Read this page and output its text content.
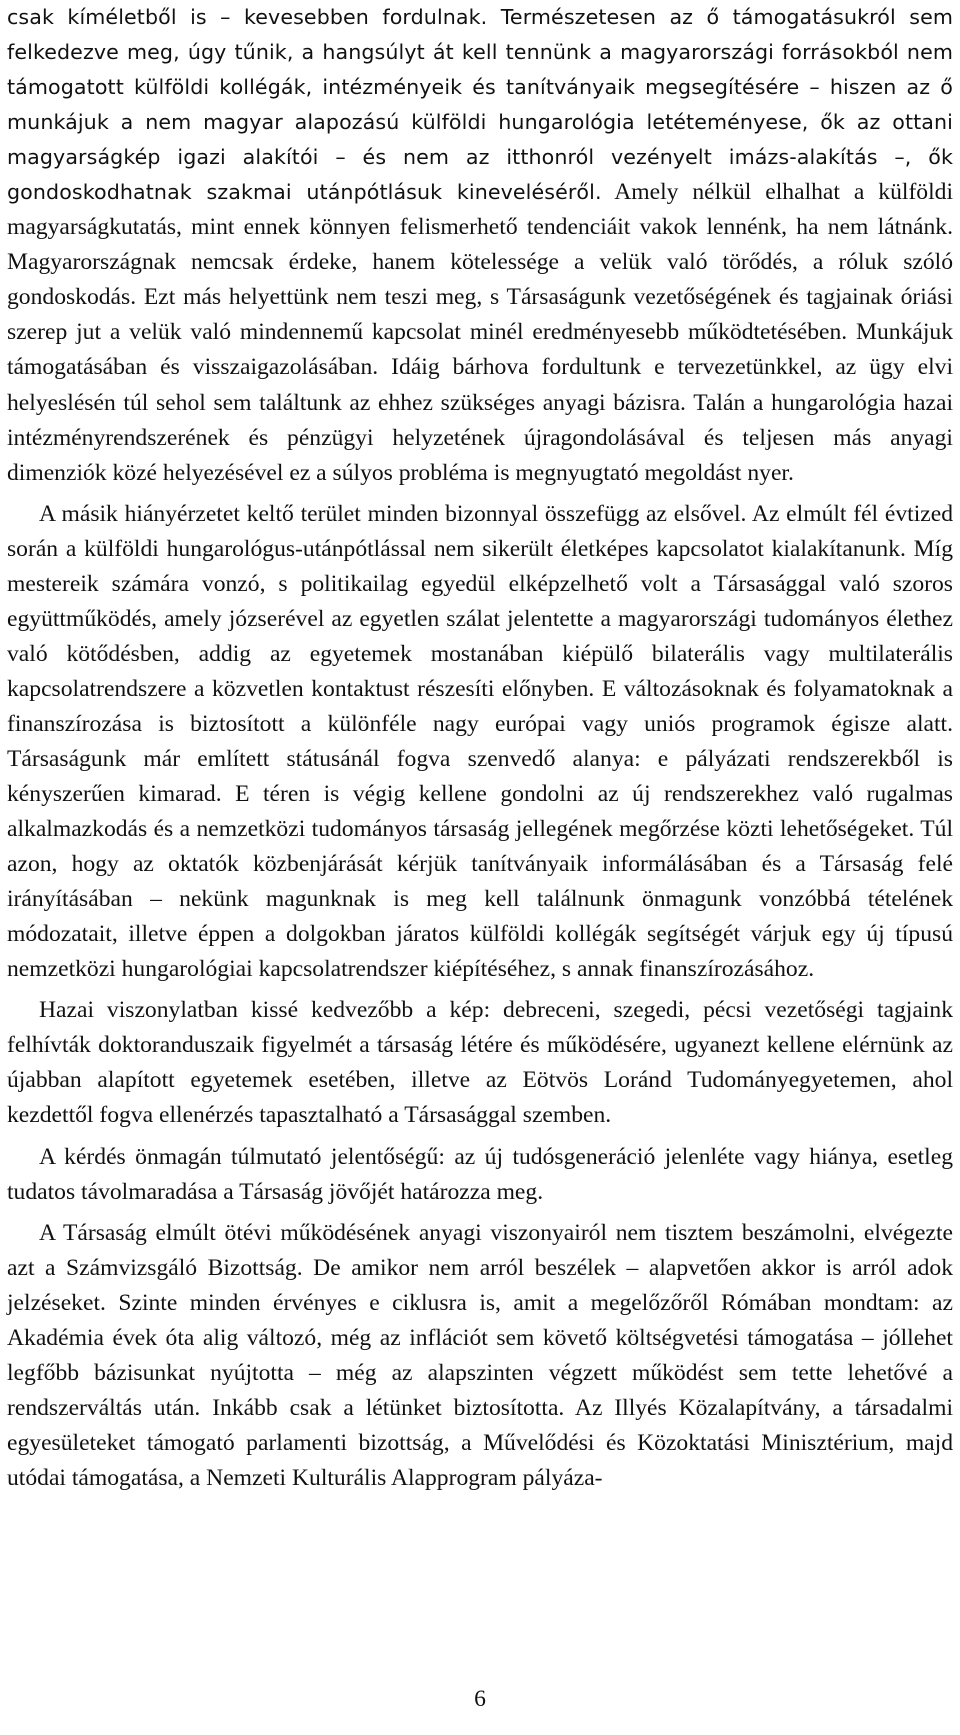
csak kíméletből is – kevesebben fordulnak. Természetesen az ő támogatásukról sem felkedezve meg, úgy tűnik, a hangsúlyt át kell tennünk a magyarországi forrásokból nem támogatott külföldi kollégák, intézményeik és tanítványaik megsegítésére – hiszen az ő munkájuk a nem magyar alapozású külföldi hungarológia letéteményese, ők az ottani magyarságkép igazi alakítói – és nem az itthonról vezényelt imázs-alakítás –, ők gondoskodhatnak szakmai utánpótlásuk kineveléséről. Amely nélkül elhalhat a külföldi magyarságkutatás, mint ennek könnyen felismerhető tendenciáit vakok lennénk, ha nem látnánk. Magyarországnak nemcsak érdeke, hanem kötelessége a velük való törődés, a róluk szóló gondoskodás. Ezt más helyettünk nem teszi meg, s Társaságunk vezetőségének és tagjainak óriási szerep jut a velük való mindennemű kapcsolat minél eredményesebb működtetésében. Munkájuk támogatásában és visszaigazolásában. Idáig bárhova fordultunk e tervezetünkkel, az ügy elvi helyeslésén túl sehol sem találtunk az ehhez szükséges anyagi bázisra. Talán a hungarológia hazai intézményrendszerének és pénzügyi helyzetének újragondolásával és teljesen más anyagi dimenziók közé helyezésével ez a súlyos probléma is megnyugtató megoldást nyer.

A másik hiányérzetet keltő terület minden bizonnyal összefügg az elsővel. Az elmúlt fél évtized során a külföldi hungarológus-utánpótlással nem sikerült életképes kapcsolatot kialakítanunk. Míg mestereik számára vonzó, s politikailag egyedül elképzelhető volt a Társasággal való szoros együttműködés, amely józserével az egyetlen szálat jelentette a magyarországi tudományos élethez való kötődésben, addig az egyetemek mostanában kiépülő bilaterális vagy multilaterális kapcsolatrendszere a közvetlen kontaktust részesíti előnyben. E változásoknak és folyamatoknak a finanszírozása is biztosított a különféle nagy európai vagy uniós programok égisze alatt. Társaságunk már említett státusánál fogva szenvedő alanya: e pályázati rendszerekből is kényszerűen kimarad. E téren is végig kellene gondolni az új rendszerekhez való rugalmas alkalmazkodás és a nemzetközi tudományos társaság jellegének megőrzése közti lehetőségeket. Túl azon, hogy az oktatók közbenjárását kérjük tanítványaik informálásában és a Társaság felé irányításában – nekünk magunknak is meg kell találnunk önmagunk vonzóbbá tételének módozatait, illetve éppen a dolgokban járatos külföldi kollégák segítségét várjuk egy új típusú nemzetközi hungarológiai kapcsolatrendszer kiépítéséhez, s annak finanszírozásához.

Hazai viszonylatban kissé kedvezőbb a kép: debreceni, szegedi, pécsi vezetőségi tagjaink felhívták doktoranduszaik figyelmét a társaság létére és működésére, ugyanezt kellene elérnünk az újabban alapított egyetemek esetében, illetve az Eötvös Loránd Tudományegyetemen, ahol kezdettől fogva ellenérzés tapasztalható a Társasággal szemben.

A kérdés önmagán túlmutató jelentőségű: az új tudósgeneráció jelenléte vagy hiánya, esetleg tudatos távolmaradása a Társaság jövőjét határozza meg.

A Társaság elmúlt ötévi működésének anyagi viszonyairól nem tisztem beszámolni, elvégezte azt a Számvizsgáló Bizottság. De amikor nem arról beszélek – alapvetően akkor is arról adok jelzéseket. Szinte minden érvényes e ciklusra is, amit a megelőzőről Rómában mondtam: az Akadémia évek óta alig változó, még az inflációt sem követő költségvetési támogatása – jóllehet legfőbb bázisunkat nyújtotta – még az alapszinten végzett működést sem tette lehetővé a rendszerváltás után. Inkább csak a létünket biztosította. Az Illyés Közalapítvány, a társadalmi egyesületeket támogató parlamenti bizottság, a Művelődési és Közoktatási Minisztérium, majd utódai támogatása, a Nemzeti Kulturális Alapprogram pályáza-

6
